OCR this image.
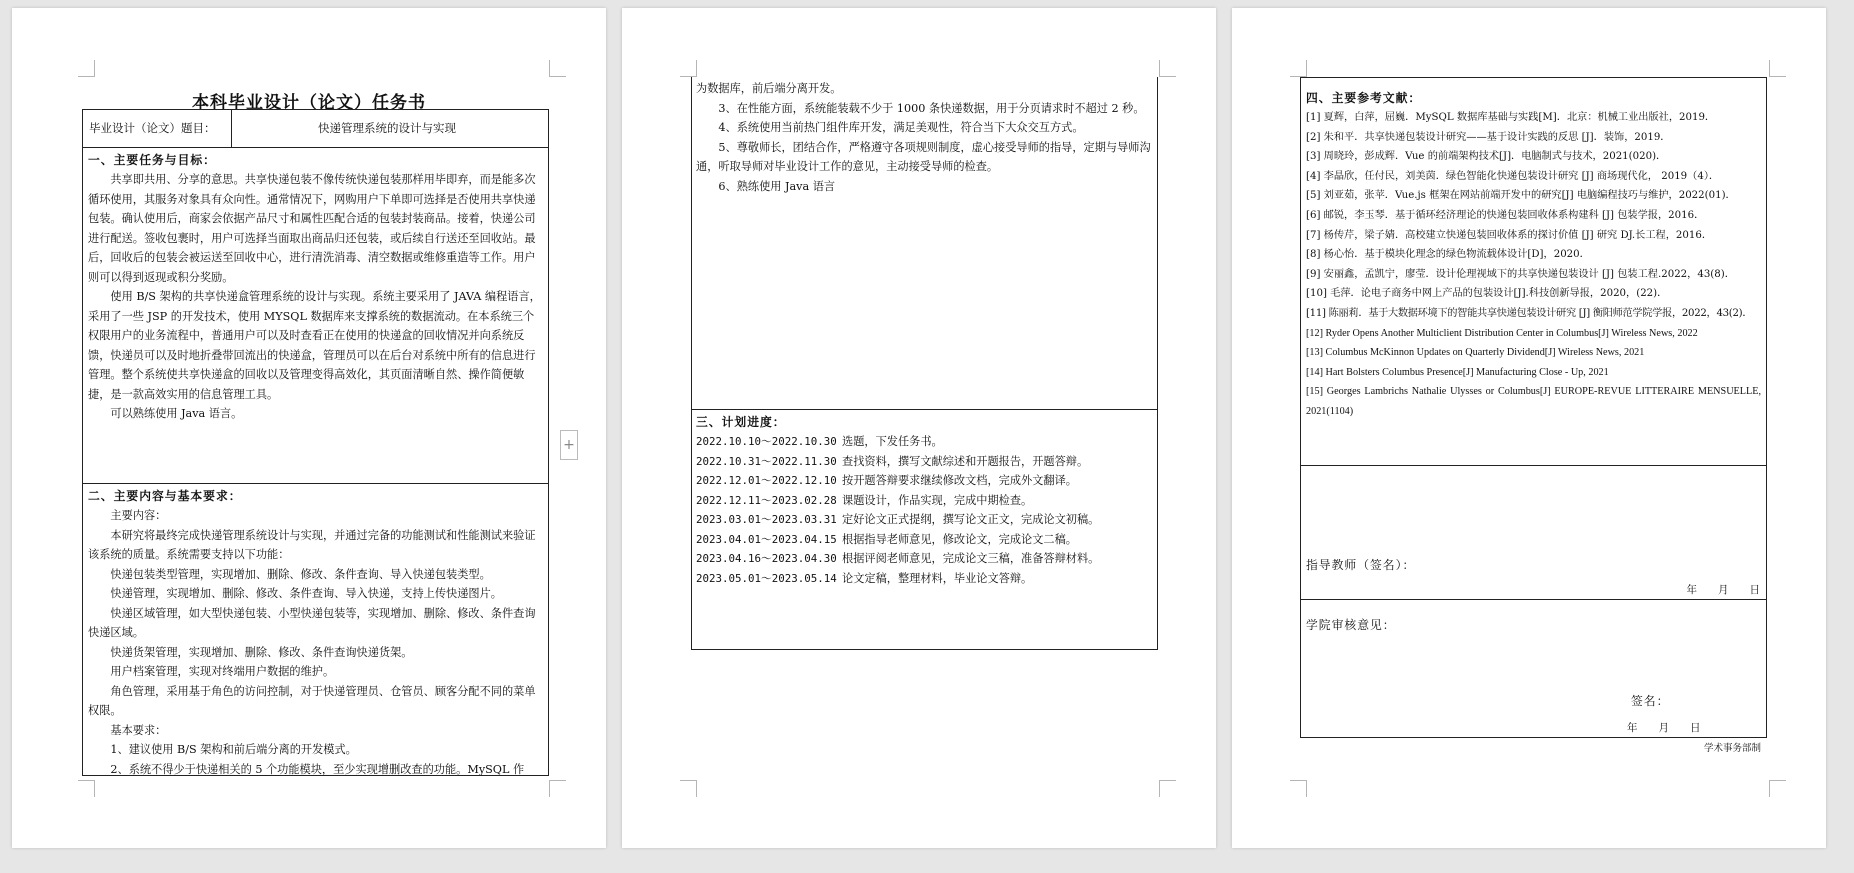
本科毕业设计（论文）任务书
毕业设计（论文）题目：	快递管理系统的设计与实现

一、主要任务与目标：

共享即共用、分享的意思。共享快递包装不像传统快递包装那样用毕即弃，而是能多次循环使用，其服务对象具有众向性。通常情况下，网购用户下单即可选择是否使用共享快递包装。确认使用后，商家会依据产品尺寸和属性匹配合适的包装封装商品。接着，快递公司进行配送。签收包裹时，用户可选择当面取出商品归还包装，或后续自行送还至回收站。最后，回收后的包装会被运送至回收中心，进行清洗消毒、清空数据或维修重造等工作。用户则可以得到返现或积分奖励。

使用 B/S 架构的共享快递盒管理系统的设计与实现。系统主要采用了 JAVA 编程语言，采用了一些 JSP 的开发技术，使用 MYSQL 数据库来支撑系统的数据流动。在本系统三个权限用户的业务流程中，普通用户可以及时查看正在使用的快递盒的回收情况并向系统反馈，快递员可以及时地折叠带回流出的快递盒，管理员可以在后台对系统中所有的信息进行管理。整个系统使共享快递盒的回收以及管理变得高效化，其页面清晰自然、操作简便敏捷，是一款高效实用的信息管理工具。

可以熟练使用 Java 语言。

二、主要内容与基本要求：

主要内容：

本研究将最终完成快递管理系统设计与实现，并通过完备的功能测试和性能测试来验证该系统的质量。系统需要支持以下功能：

快递包装类型管理，实现增加、删除、修改、条件查询、导入快递包装类型。

快递管理，实现增加、删除、修改、条件查询、导入快递，支持上传快递图片。

快递区域管理，如大型快递包装、小型快递包装等，实现增加、删除、修改、条件查询快递区域。

快递货架管理，实现增加、删除、修改、条件查询快递货架。

用户档案管理，实现对终端用户数据的维护。

角色管理，采用基于角色的访问控制，对于快递管理员、仓管员、顾客分配不同的菜单权限。

基本要求：

1、建议使用 B/S 架构和前后端分离的开发模式。

2、系统不得少于快递相关的 5 个功能模块，至少实现增删改查的功能。MySQL 作

+

为数据库，前后端分离开发。

3、在性能方面，系统能装载不少于 1000 条快递数据，用于分页请求时不超过 2 秒。

4、系统使用当前热门组件库开发，满足美观性，符合当下大众交互方式。

5、尊敬师长，团结合作，严格遵守各项规则制度，虚心接受导师的指导，定期与导师沟通，听取导师对毕业设计工作的意见，主动接受导师的检查。

6、熟练使用 Java 语言

三、计划进度：

2022.10.10～2022.10.30 选题，下发任务书。
2022.10.31～2022.11.30 查找资料，撰写文献综述和开题报告，开题答辩。
2022.12.01～2022.12.10 按开题答辩要求继续修改文档，完成外文翻译。
2022.12.11～2023.02.28 课题设计，作品实现，完成中期检查。
2023.03.01～2023.03.31 定好论文正式提纲，撰写论文正文，完成论文初稿。
2023.04.01～2023.04.15 根据指导老师意见，修改论文，完成论文二稿。
2023.04.16～2023.04.30 根据评阅老师意见，完成论文三稿，准备答辩材料。
2023.05.01～2023.05.14 论文定稿，整理材料，毕业论文答辩。

四、主要参考文献：

[1] 夏辉，白萍，屈巍．MySQL 数据库基础与实践[M]．北京：机械工业出版社，2019．

[2] 朱和平．共享快递包装设计研究——基于设计实践的反思 [J]．装饰，2019．

[3] 周晓玲，彭成辉．Vue 的前端架构技术[J]．电脑制式与技术，2021(020)．

[4] 李晶欣，任付民，刘美茵．绿色智能化快递包装设计研究 [J] 商场现代化， 2019（4）．

[5] 刘亚茹，张苹．Vue.js 框架在网站前端开发中的研究[J] 电脑编程技巧与维护，2022(01)．

[6] 邮锐，李玉琴．基于循环经济理论的快递包装回收体系构建科 [J] 包装学报，2016．

[7] 杨传芹，梁子婧．高校建立快递包装回收体系的探讨价值 [J] 研究 DJ.长工程，2016．

[8] 杨心怡．基于模块化理念的绿色物流载体设计[D]，2020．

[9] 安丽鑫，孟凯宁，廖莹．设计伦理视域下的共享快递包装设计 [J] 包装工程.2022，43(8)．

[10] 毛萍．论电子商务中网上产品的包装设计[J].科技创新导报，2020，(22)．

[11] 陈丽莉．基于大数据环境下的智能共享快递包装设计研究 [J] 衡阳师范学院学报，2022，43(2)．

[12] Ryder Opens Another Multiclient Distribution Center in Columbus[J] Wireless News, 2022

[13] Columbus McKinnon Updates on Quarterly Dividend[J] Wireless News, 2021

[14] Hart Bolsters Columbus Presence[J] Manufacturing Close - Up, 2021

[15] Georges Lambrichs Nathalie Ulysses or Columbus[J] EUROPE-REVUE LITTERAIRE MENSUELLE, 2021(1104)

指导教师（签名）：
年　　月　　日
学院审核意见：
签名：
年　　月　　日
学术事务部制
